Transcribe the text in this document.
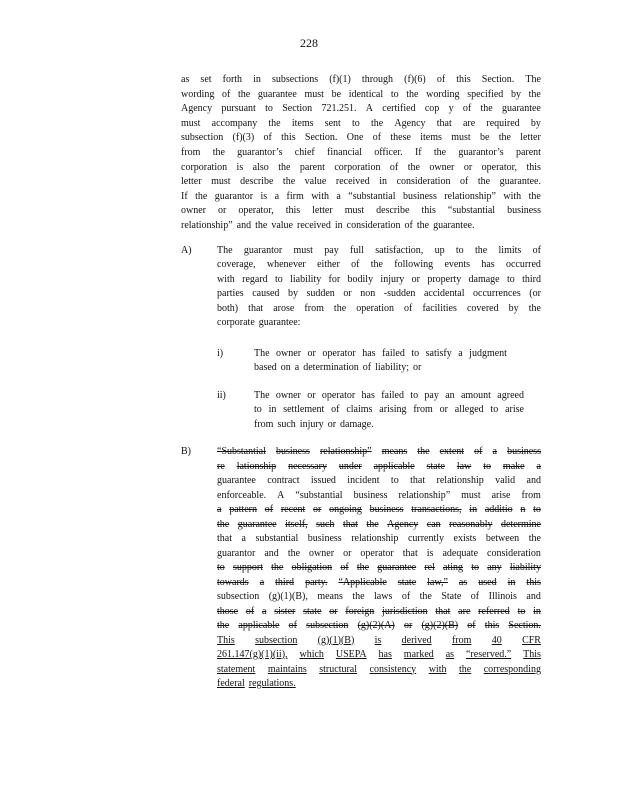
228
as set forth in subsections (f)(1) through (f)(6) of this Section. The
wording of the guarantee must be identical to the wording specified by the
Agency pursuant to Section 721.251. A certified cop y of the guarantee
must accompany the items sent to the Agency that are required by
subsection (f)(3) of this Section. One of these items must be the letter
from the guarantor’s chief financial officer. If the guarantor’s parent
corporation is also the parent corporation of the owner or operator, this
letter must describe the value received in consideration of the guarantee.
If the guarantor is a firm with a “substantial business relationship” with the
owner or operator, this letter must describe this “substantial business
relationship” and the value received in consideration of the guarantee.
A)	The guarantor must pay full satisfaction, up to the limits of
coverage, whenever either of the following events has occurred
with regard to liability for bodily injury or property damage to third
parties caused by sudden or non -sudden accidental occurrences (or
both) that arose from the operation of facilities covered by the
corporate guarantee:
i)	The owner or operator has failed to satisfy a judgment
based on a determination of liability; or
ii)	The owner or operator has failed to pay an amount agreed
to in settlement of claims arising from or alleged to arise
from such injury or damage.
B)	“Substantial business relationship” means the extent of a business
re lationship necessary under applicable state law to make a
guarantee contract issued incident to that relationship valid and
enforceable. A “substantial business relationship” must arise from
a pattern of recent or ongoing business transactions, in additio n to
the guarantee itself, such that the Agency can reasonably determine
that a substantial business relationship currently exists between the
guarantor and the owner or operator that is adequate consideration
to support the obligation of the guarantee rel ating to any liability
towards a third party. “Applicable state law,” as used in this
subsection (g)(1)(B), means the laws of the State of Illinois and
those of a sister state or foreign jurisdiction that are referred to in
the applicable of subsection (g)(2)(A) or (g)(2)(B) of this Section.
This subsection (g)(1)(B) is derived from 40 CFR
261.147(g)(1)(ii), which USEPA has marked as “reserved.” This
statement maintains structural consistency with the corresponding
federal regulations.
